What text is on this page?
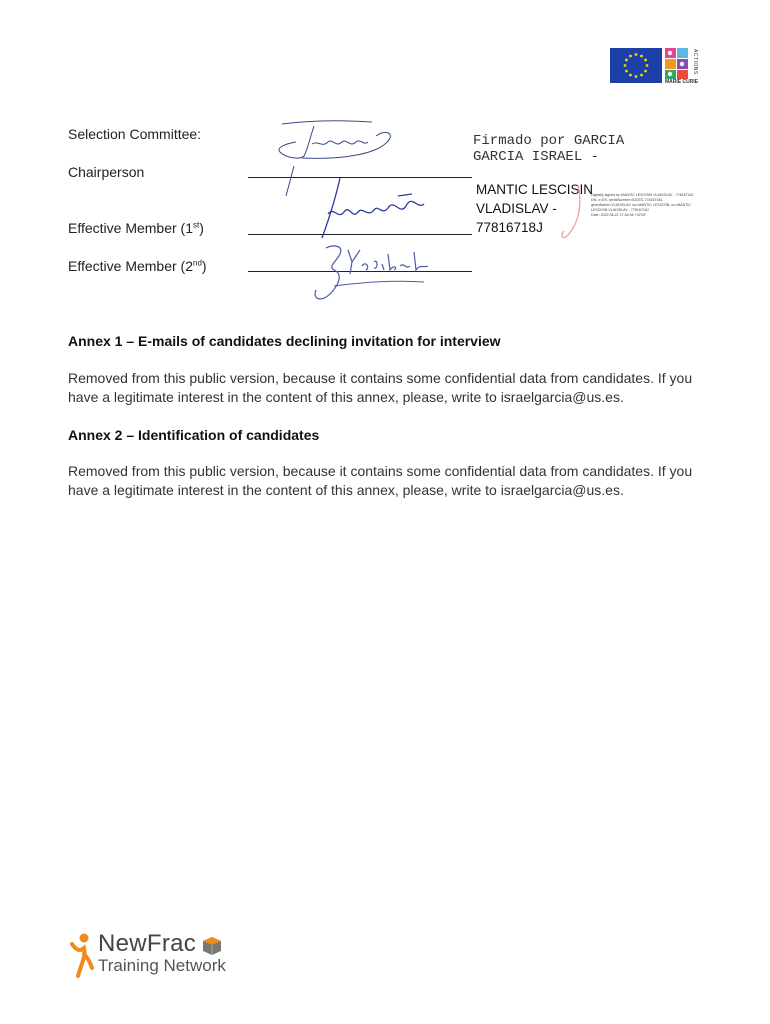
MARIE CURIE
ACTIONS
Selection Committee:
Chairperson
Effective Member (1st)
Effective Member (2nd)
Firmado por GARCIA
GARCIA ISRAEL -
MANTIC LESCISIN
VLADISLAV -
77816718J
Digitally signed by MANTIC LESCISIN VLADISLAV - 77816718J
DN: c=ES, serialNumber=IDCES-77816718J,
givenName=VLADISLAV, sn=MANTIC LESCISIN, cn=MANTIC
LESCISIN VLADISLAV - 77816718J
Date: 2022.06.21 17:34:46 +02'00'
Annex 1 – E-mails of candidates declining invitation for interview
Removed from this public version, because it contains some confidential data from candidates. If you have a legitimate interest in the content of this annex, please, write to israelgarcia@us.es.
Annex 2 – Identification of candidates
Removed from this public version, because it contains some confidential data from candidates. If you have a legitimate interest in the content of this annex, please, write to israelgarcia@us.es.
NewFrac
Training Network
